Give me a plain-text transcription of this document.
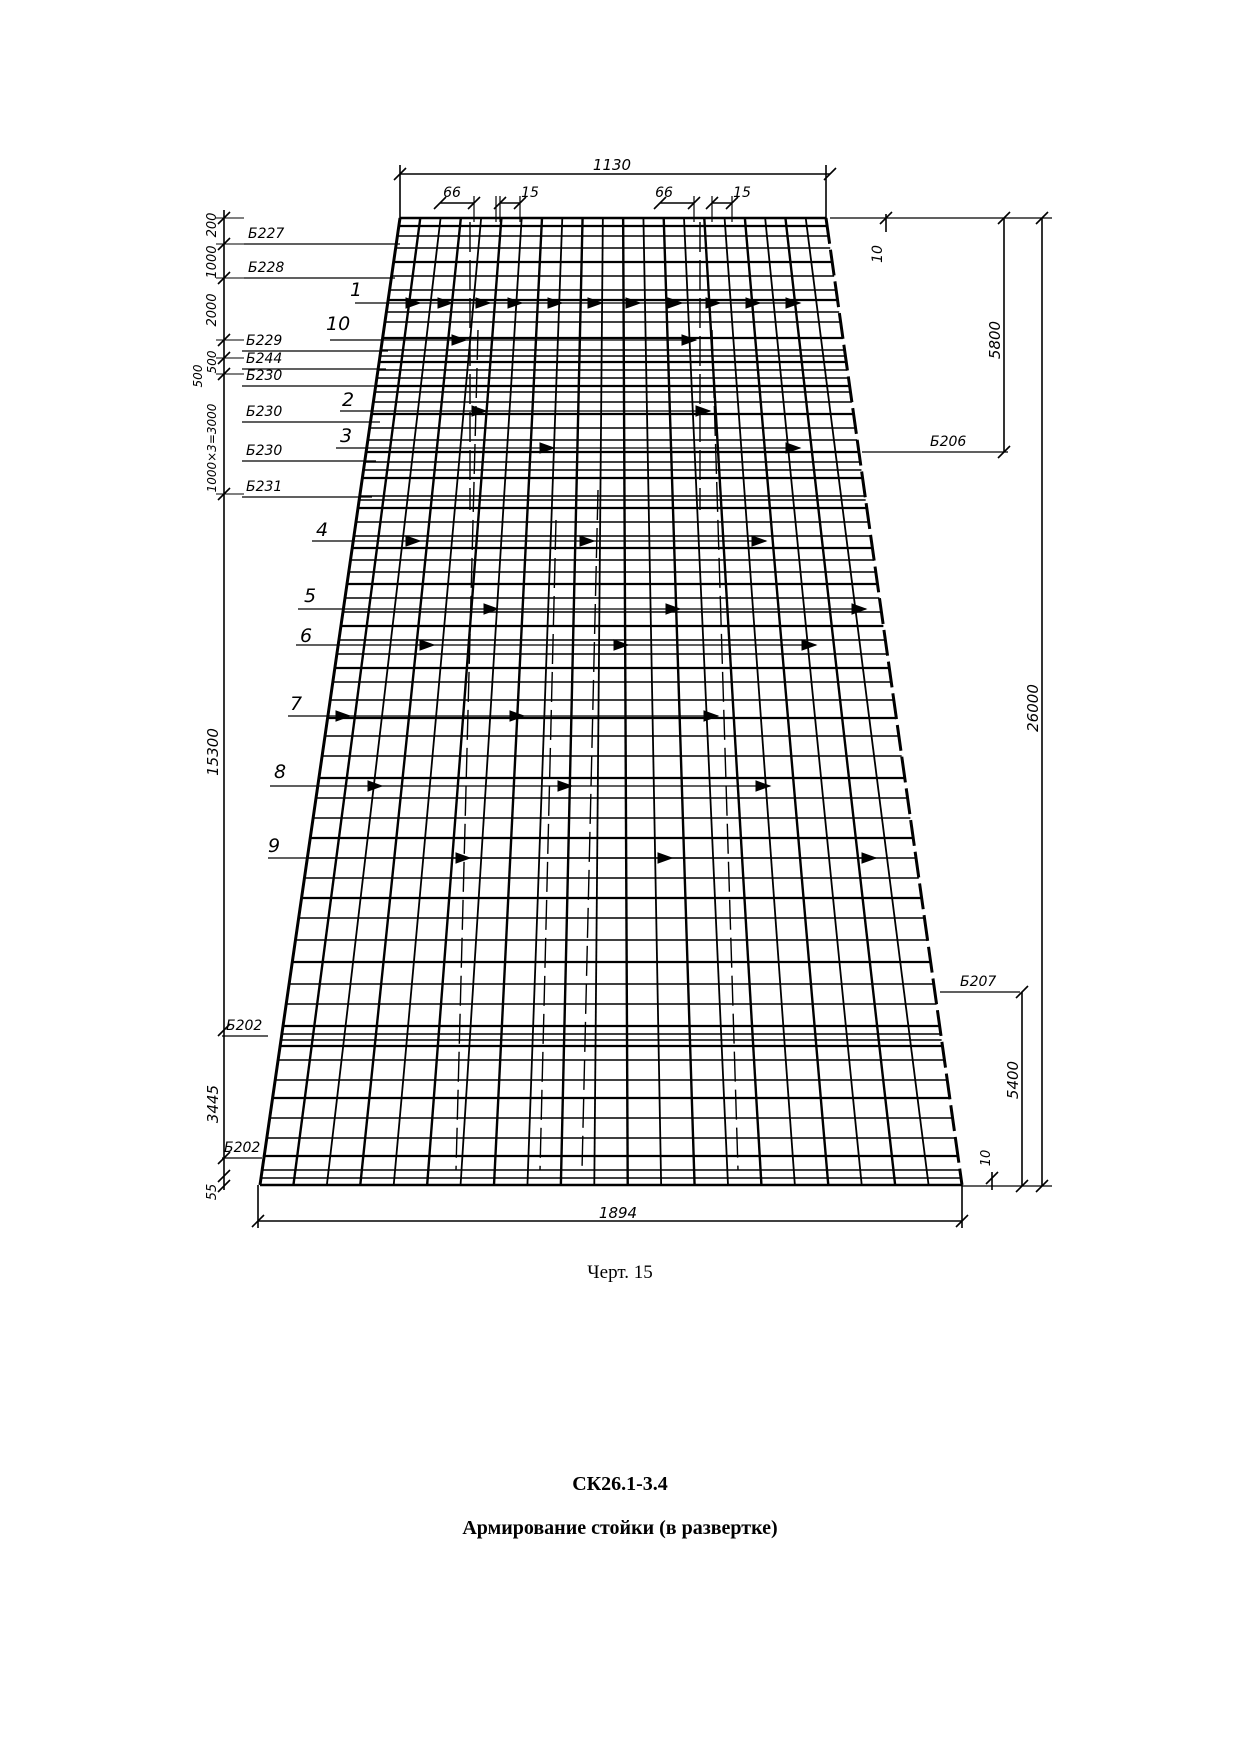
1130
66	15	66	15
1894
10
5800
26000
5400
10
200
1000
2000
500
500
1000×3=3000
15300
3445
55
Б227
Б228
Б229
Б244
Б230
Б230
Б230
Б231
Б202
Б202
Б206
Б207
1
10
2
3
4
5
6
7
8
9
Черт. 15
СК26.1-3.4
Армирование стойки (в развертке)
